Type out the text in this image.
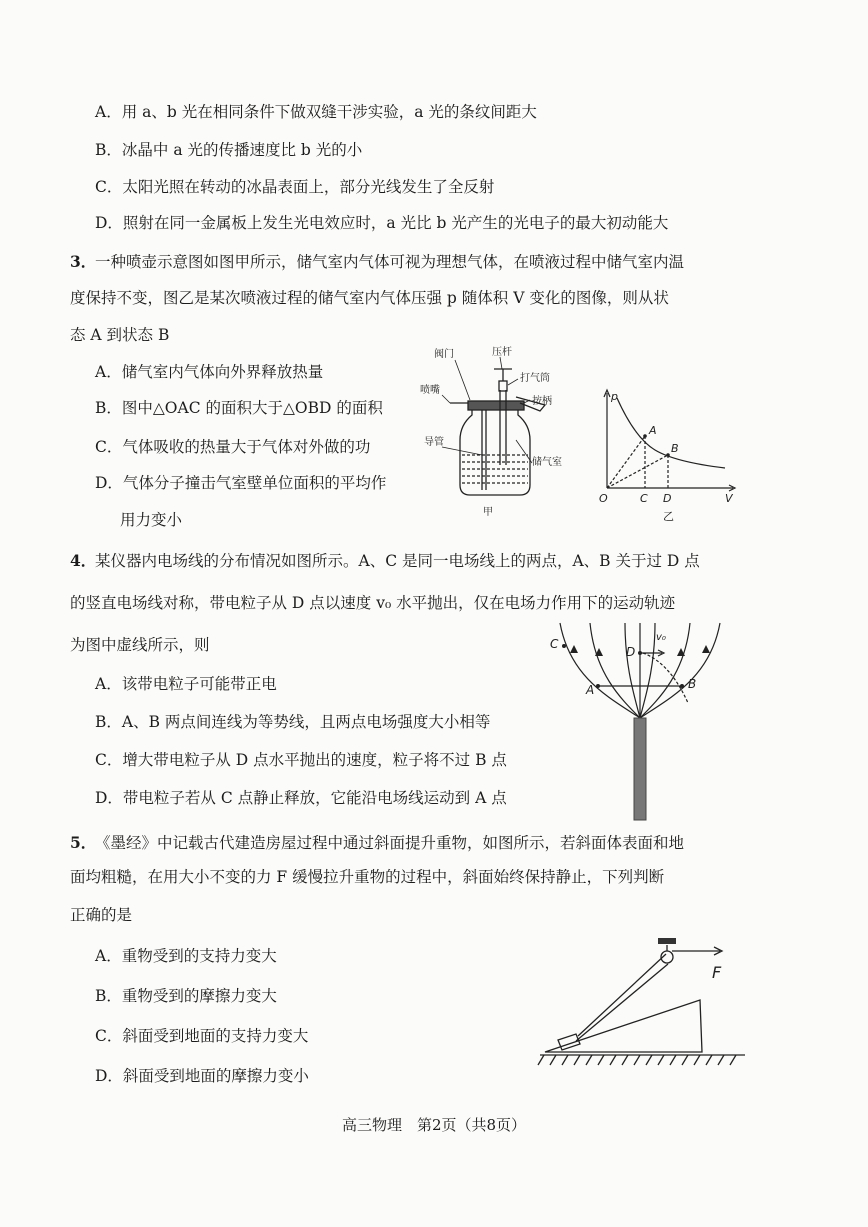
A．用 a、b 光在相同条件下做双缝干涉实验，a 光的条纹间距大
B．冰晶中 a 光的传播速度比 b 光的小
C．太阳光照在转动的冰晶表面上，部分光线发生了全反射
D．照射在同一金属板上发生光电效应时，a 光比 b 光产生的光电子的最大初动能大
3．
一种喷壶示意图如图甲所示，储气室内气体可视为理想气体，在喷液过程中储气室内温
度保持不变，图乙是某次喷液过程的储气室内气体压强 p 随体积 V 变化的图像，则从状
态 A 到状态 B
A．储气室内气体向外界释放热量
B．图中△OAC 的面积大于△OBD 的面积
C．气体吸收的热量大于气体对外做的功
D．气体分子撞击气室壁单位面积的平均作
用力变小
阀门	压杆
打气筒
喷嘴
按柄
导管
储气室
甲
p
V
A
B
O	C D
乙
4．
某仪器内电场线的分布情况如图所示。A、C 是同一电场线上的两点，A、B 关于过 D 点
的竖直电场线对称，带电粒子从 D 点以速度 v₀ 水平抛出，仅在电场力作用下的运动轨迹
为图中虚线所示，则
A．该带电粒子可能带正电
B．A、B 两点间连线为等势线，且两点电场强度大小相等
C．增大带电粒子从 D 点水平抛出的速度，粒子将不过 B 点
D．带电粒子若从 C 点静止释放，它能沿电场线运动到 A 点
C
D
v₀
A	B
5．
《墨经》中记载古代建造房屋过程中通过斜面提升重物，如图所示，若斜面体表面和地
面均粗糙，在用大小不变的力 F 缓慢拉升重物的过程中，斜面始终保持静止，下列判断
正确的是
A．重物受到的支持力变大
B．重物受到的摩擦力变大
C．斜面受到地面的支持力变大
D．斜面受到地面的摩擦力变小
F
高三物理　第2页（共8页）
